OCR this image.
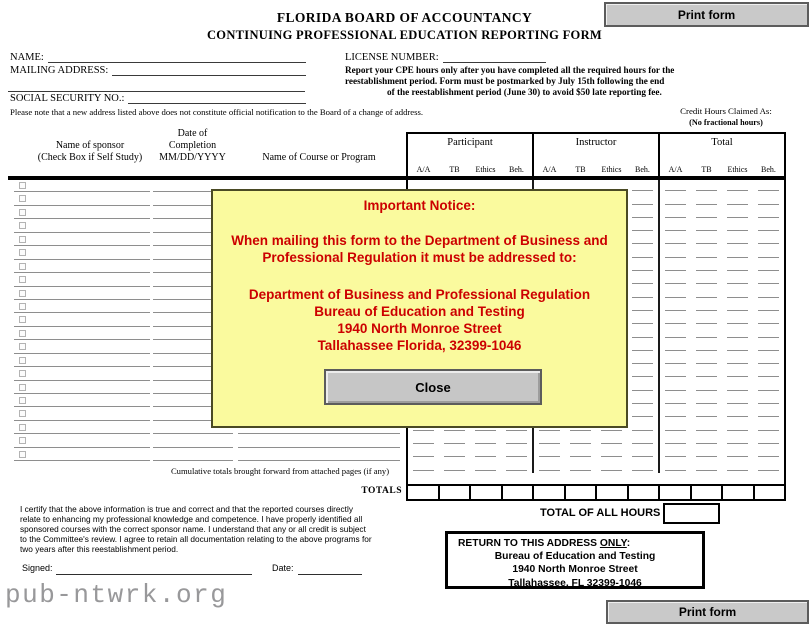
FLORIDA BOARD OF ACCOUNTANCY
CONTINUING PROFESSIONAL EDUCATION REPORTING FORM
Print form
NAME:	LICENSE NUMBER:
MAILING ADDRESS:
SOCIAL SECURITY NO.:
Report your CPE hours only after you have completed all the required hours for the
reestablishment period. Form must be postmarked by July 15th following the end
of the reestablishment period (June 30) to avoid $50 late reporting fee.
Please note that a new address listed above does not constitute official notification to the Board of a change of address.	Credit Hours Claimed As:
(No fractional hours)
Name of sponsor
(Check Box if Self Study)
Date of
Completion
MM/DD/YYYY	Name of Course or Program
Cumulative totals brought forward from attached pages (if any)
TOTALS
Participant
A/A	TB	Ethics	Beh.
Instructor
A/A	TB	Ethics	Beh.
Total
A/A	TB	Ethics	Beh.
I certify that the above information is true and correct and that the reported courses directly relate to enhancing my professional knowledge and competence. I have properly identified all sponsored courses with the correct sponsor name. I understand that any or all credit is subject to the Committee's review. I agree to retain all documentation relating to the above programs for two years after this reestablishment period.
Signed:	Date:
TOTAL OF ALL HOURS
RETURN TO THIS ADDRESS ONLY:
Bureau of Education and Testing
1940 North Monroe Street
Tallahassee, FL 32399-1046
pub-ntwrk.org
Print form
Important Notice:
When mailing this form to the Department of Business and
Professional Regulation it must be addressed to:
Department of Business and Professional Regulation
Bureau of Education and Testing
1940 North Monroe Street
Tallahassee Florida, 32399-1046
Close
